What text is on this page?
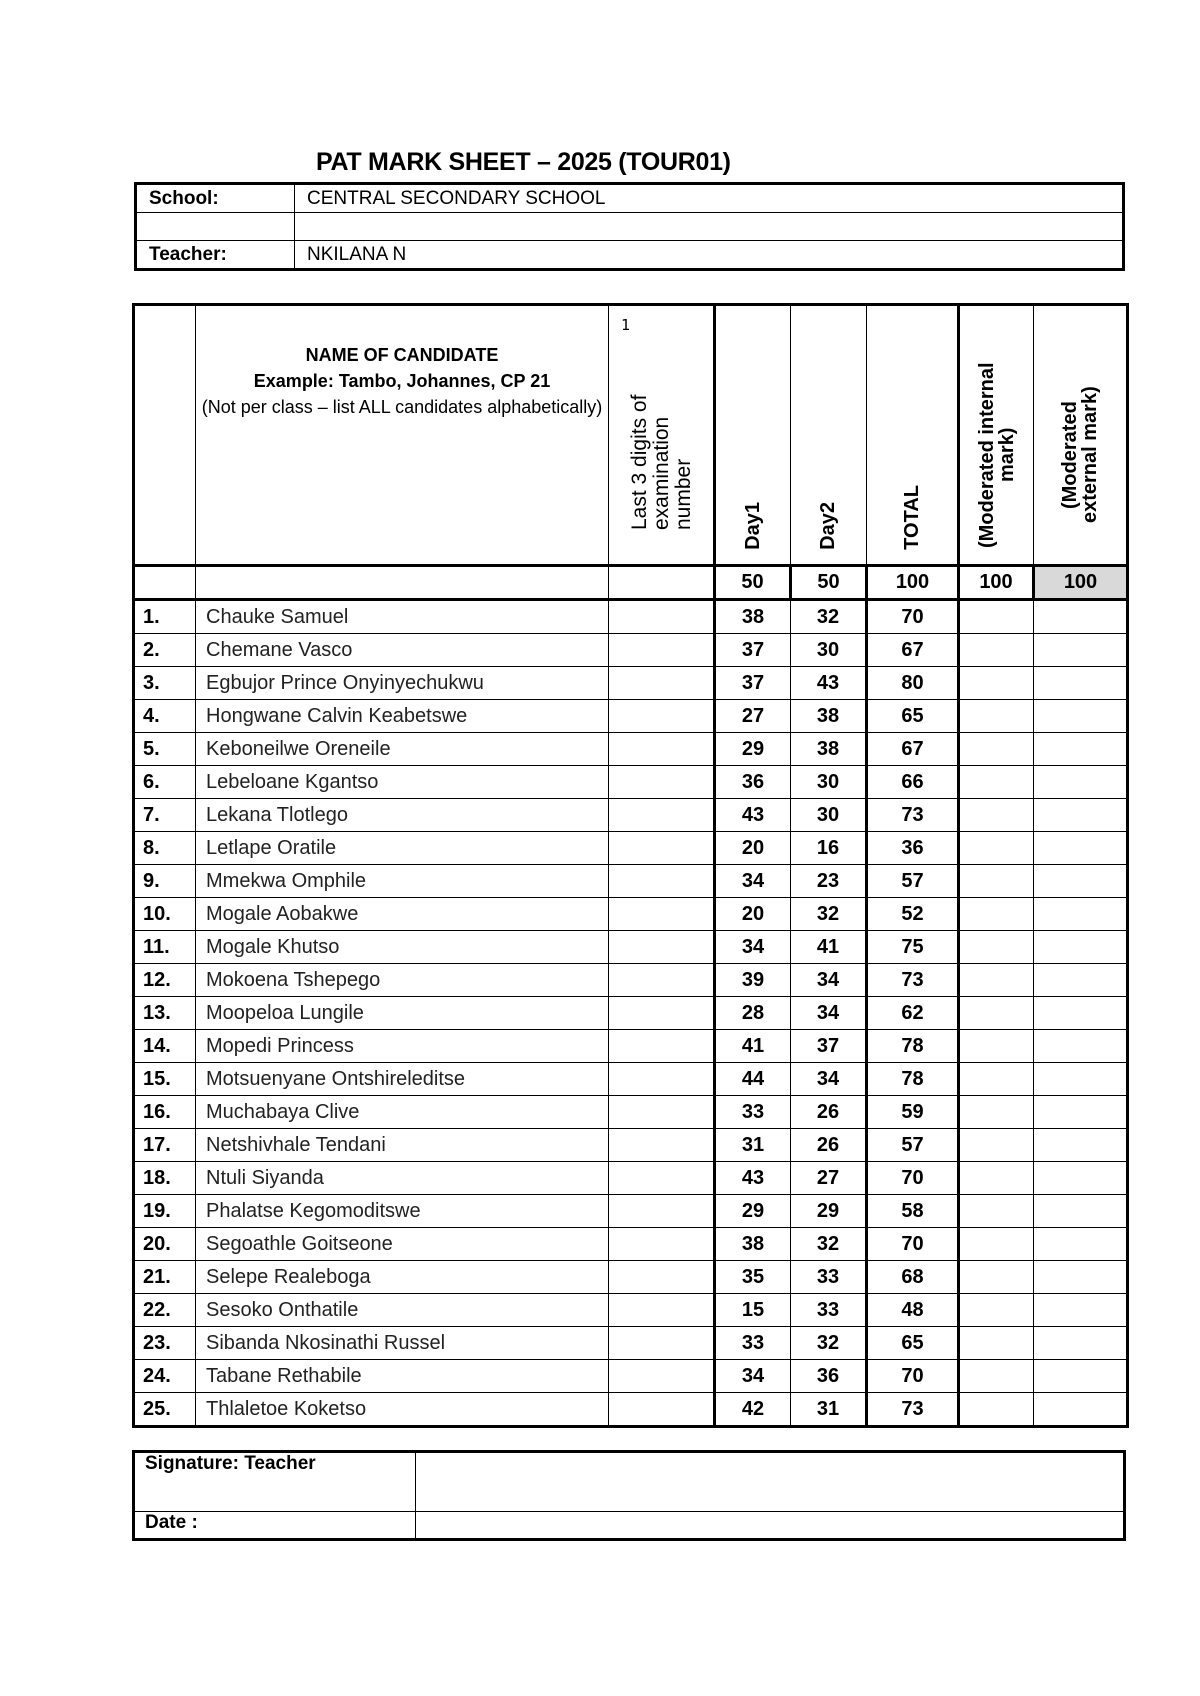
PAT MARK SHEET – 2025 (TOUR01)
School:	CENTRAL SECONDARY SCHOOL

Teacher:	NKILANA N
	NAME OF CANDIDATE
Example: Tambo, Johannes, CP 21
(Not per class – list ALL candidates alphabetically)	1
Last 3 digits of examination number	Day1	Day2	TOTAL	(Moderated internal mark)	(Moderated external mark)
			50	50	100	100	100
1.	Chauke Samuel		38	32	70		
2.	Chemane Vasco		37	30	67		
3.	Egbujor Prince Onyinyechukwu		37	43	80		
4.	Hongwane Calvin Keabetswe		27	38	65		
5.	Keboneilwe Oreneile		29	38	67		
6.	Lebeloane Kgantso		36	30	66		
7.	Lekana Tlotlego		43	30	73		
8.	Letlape Oratile		20	16	36		
9.	Mmekwa Omphile		34	23	57		
10.	Mogale Aobakwe		20	32	52		
11.	Mogale Khutso		34	41	75		
12.	Mokoena Tshepego		39	34	73		
13.	Moopeloa Lungile		28	34	62		
14.	Mopedi Princess		41	37	78		
15.	Motsuenyane Ontshireleditse		44	34	78		
16.	Muchabaya Clive		33	26	59		
17.	Netshivhale Tendani		31	26	57		
18.	Ntuli Siyanda		43	27	70		
19.	Phalatse Kegomoditswe		29	29	58		
20.	Segoathle Goitseone		38	32	70		
21.	Selepe Realeboga		35	33	68		
22.	Sesoko Onthatile		15	33	48		
23.	Sibanda Nkosinathi Russel		33	32	65		
24.	Tabane Rethabile		34	36	70		
25.	Thlaletoe Koketso		42	31	73		
Signature: Teacher	
Date :	
